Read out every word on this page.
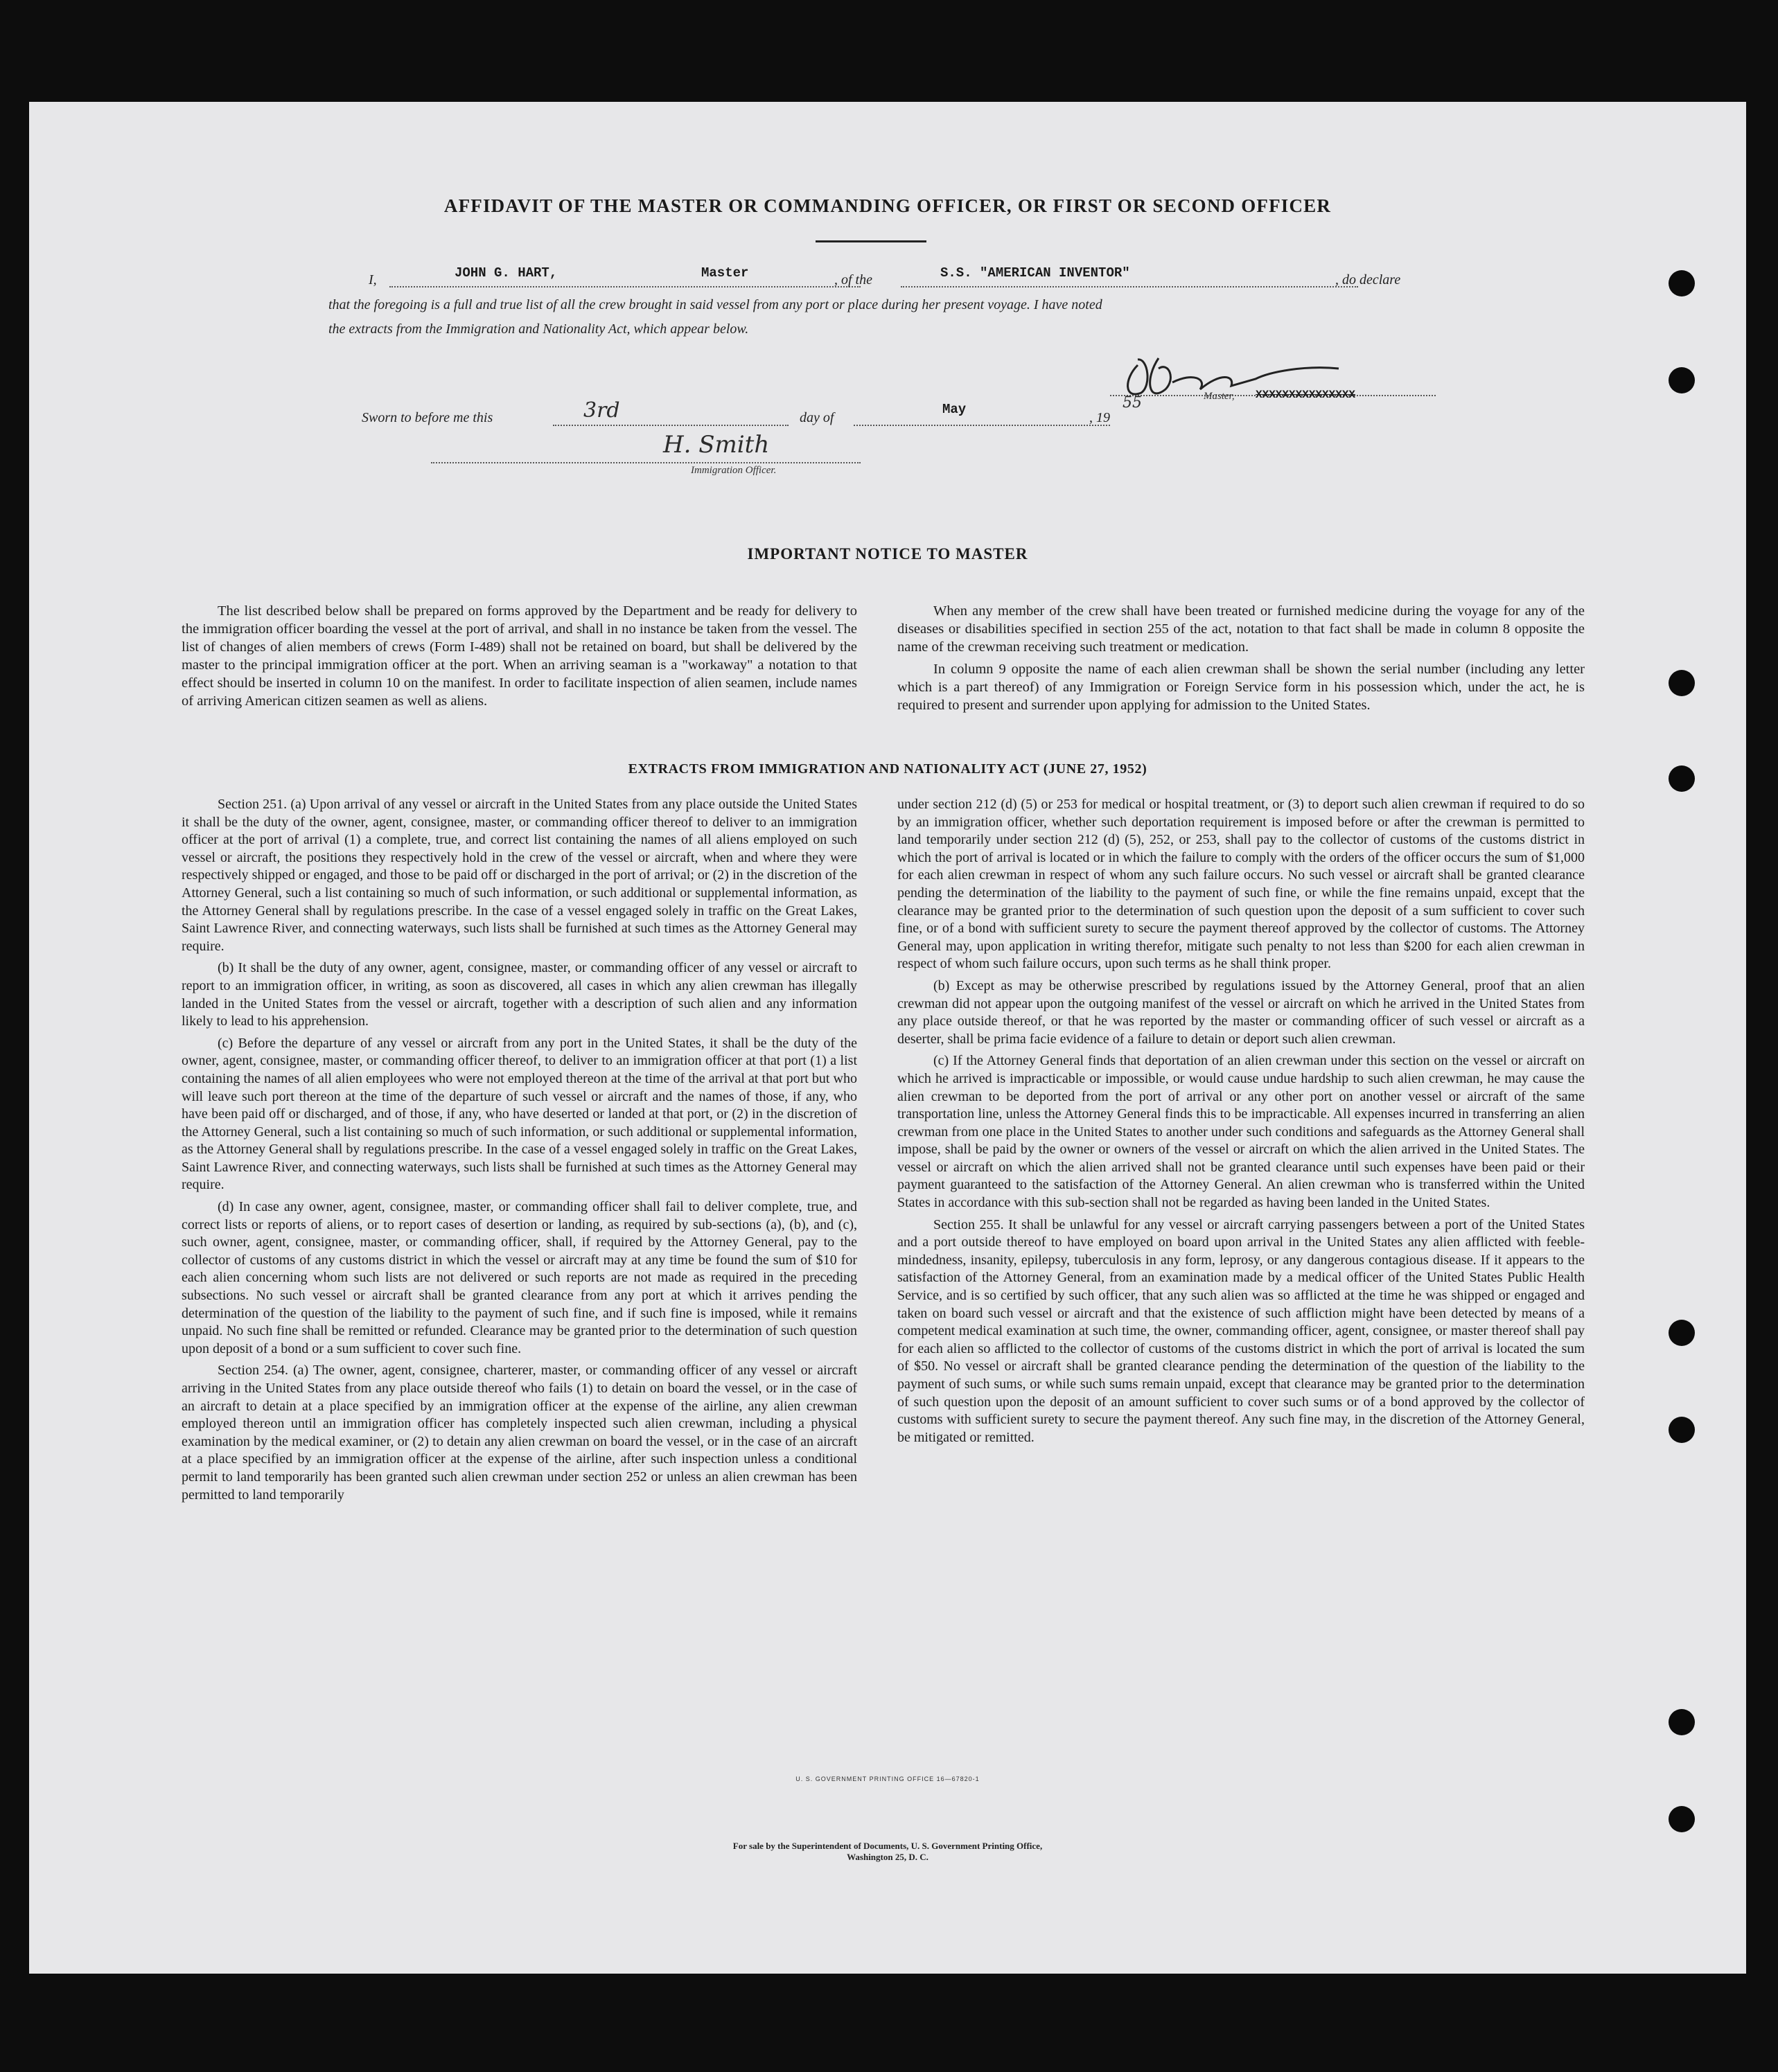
AFFIDAVIT OF THE MASTER OR COMMANDING OFFICER, OR FIRST OR SECOND OFFICER
I,	JOHN G. HART,	Master	, of the	S.S. "AMERICAN INVENTOR"	, do declare
that the foregoing is a full and true list of all the crew brought in said vessel from any port or place during her present voyage. I have noted
the extracts from the Immigration and Nationality Act, which appear below.
Master, XXXXXXXXXXXXXXX
Sworn to before me this	3rd	day of
May
, 19
55
H. Smith
Immigration Officer.
IMPORTANT NOTICE TO MASTER

The list described below shall be prepared on forms approved by the Department and be ready for delivery to the immigration officer boarding the vessel at the port of arrival, and shall in no instance be taken from the vessel. The list of changes of alien members of crews (Form I-489) shall not be retained on board, but shall be delivered by the master to the principal immigration officer at the port. When an arriving seaman is a "workaway" a notation to that effect should be inserted in column 10 on the manifest. In order to facilitate inspection of alien seamen, include names of arriving American citizen seamen as well as aliens.

When any member of the crew shall have been treated or furnished medicine during the voyage for any of the diseases or disabilities specified in section 255 of the act, notation to that fact shall be made in column 8 opposite the name of the crewman receiving such treatment or medication.

In column 9 opposite the name of each alien crewman shall be shown the serial number (including any letter which is a part thereof) of any Immigration or Foreign Service form in his possession which, under the act, he is required to present and surrender upon applying for admission to the United States.

EXTRACTS FROM IMMIGRATION AND NATIONALITY ACT (JUNE 27, 1952)

Section 251. (a) Upon arrival of any vessel or aircraft in the United States from any place outside the United States it shall be the duty of the owner, agent, consignee, master, or commanding officer thereof to deliver to an immigration officer at the port of arrival (1) a complete, true, and correct list containing the names of all aliens employed on such vessel or aircraft, the positions they respectively hold in the crew of the vessel or aircraft, when and where they were respectively shipped or engaged, and those to be paid off or discharged in the port of arrival; or (2) in the discretion of the Attorney General, such a list containing so much of such information, or such additional or supplemental information, as the Attorney General shall by regulations prescribe. In the case of a vessel engaged solely in traffic on the Great Lakes, Saint Lawrence River, and connecting waterways, such lists shall be furnished at such times as the Attorney General may require.

(b) It shall be the duty of any owner, agent, consignee, master, or commanding officer of any vessel or aircraft to report to an immigration officer, in writing, as soon as discovered, all cases in which any alien crewman has illegally landed in the United States from the vessel or aircraft, together with a description of such alien and any information likely to lead to his apprehension.

(c) Before the departure of any vessel or aircraft from any port in the United States, it shall be the duty of the owner, agent, consignee, master, or commanding officer thereof, to deliver to an immigration officer at that port (1) a list containing the names of all alien employees who were not employed thereon at the time of the arrival at that port but who will leave such port thereon at the time of the departure of such vessel or aircraft and the names of those, if any, who have been paid off or discharged, and of those, if any, who have deserted or landed at that port, or (2) in the discretion of the Attorney General, such a list containing so much of such information, or such additional or supplemental information, as the Attorney General shall by regulations prescribe. In the case of a vessel engaged solely in traffic on the Great Lakes, Saint Lawrence River, and connecting waterways, such lists shall be furnished at such times as the Attorney General may require.

(d) In case any owner, agent, consignee, master, or commanding officer shall fail to deliver complete, true, and correct lists or reports of aliens, or to report cases of desertion or landing, as required by sub-sections (a), (b), and (c), such owner, agent, consignee, master, or commanding officer, shall, if required by the Attorney General, pay to the collector of customs of any customs district in which the vessel or aircraft may at any time be found the sum of $10 for each alien concerning whom such lists are not delivered or such reports are not made as required in the preceding subsections. No such vessel or aircraft shall be granted clearance from any port at which it arrives pending the determination of the question of the liability to the payment of such fine, and if such fine is imposed, while it remains unpaid. No such fine shall be remitted or refunded. Clearance may be granted prior to the determination of such question upon deposit of a bond or a sum sufficient to cover such fine.

Section 254. (a) The owner, agent, consignee, charterer, master, or commanding officer of any vessel or aircraft arriving in the United States from any place outside thereof who fails (1) to detain on board the vessel, or in the case of an aircraft to detain at a place specified by an immigration officer at the expense of the airline, any alien crewman employed thereon until an immigration officer has completely inspected such alien crewman, including a physical examination by the medical examiner, or (2) to detain any alien crewman on board the vessel, or in the case of an aircraft at a place specified by an immigration officer at the expense of the airline, after such inspection unless a conditional permit to land temporarily has been granted such alien crewman under section 252 or unless an alien crewman has been permitted to land temporarily

under section 212 (d) (5) or 253 for medical or hospital treatment, or (3) to deport such alien crewman if required to do so by an immigration officer, whether such deportation requirement is imposed before or after the crewman is permitted to land temporarily under section 212 (d) (5), 252, or 253, shall pay to the collector of customs of the customs district in which the port of arrival is located or in which the failure to comply with the orders of the officer occurs the sum of $1,000 for each alien crewman in respect of whom any such failure occurs. No such vessel or aircraft shall be granted clearance pending the determination of the liability to the payment of such fine, or while the fine remains unpaid, except that the clearance may be granted prior to the determination of such question upon the deposit of a sum sufficient to cover such fine, or of a bond with sufficient surety to secure the payment thereof approved by the collector of customs. The Attorney General may, upon application in writing therefor, mitigate such penalty to not less than $200 for each alien crewman in respect of whom such failure occurs, upon such terms as he shall think proper.

(b) Except as may be otherwise prescribed by regulations issued by the Attorney General, proof that an alien crewman did not appear upon the outgoing manifest of the vessel or aircraft on which he arrived in the United States from any place outside thereof, or that he was reported by the master or commanding officer of such vessel or aircraft as a deserter, shall be prima facie evidence of a failure to detain or deport such alien crewman.

(c) If the Attorney General finds that deportation of an alien crewman under this section on the vessel or aircraft on which he arrived is impracticable or impossible, or would cause undue hardship to such alien crewman, he may cause the alien crewman to be deported from the port of arrival or any other port on another vessel or aircraft of the same transportation line, unless the Attorney General finds this to be impracticable. All expenses incurred in transferring an alien crewman from one place in the United States to another under such conditions and safeguards as the Attorney General shall impose, shall be paid by the owner or owners of the vessel or aircraft on which the alien arrived in the United States. The vessel or aircraft on which the alien arrived shall not be granted clearance until such expenses have been paid or their payment guaranteed to the satisfaction of the Attorney General. An alien crewman who is transferred within the United States in accordance with this sub-section shall not be regarded as having been landed in the United States.

Section 255. It shall be unlawful for any vessel or aircraft carrying passengers between a port of the United States and a port outside thereof to have employed on board upon arrival in the United States any alien afflicted with feeble-mindedness, insanity, epilepsy, tuberculosis in any form, leprosy, or any dangerous contagious disease. If it appears to the satisfaction of the Attorney General, from an examination made by a medical officer of the United States Public Health Service, and is so certified by such officer, that any such alien was so afflicted at the time he was shipped or engaged and taken on board such vessel or aircraft and that the existence of such affliction might have been detected by means of a competent medical examination at such time, the owner, commanding officer, agent, consignee, or master thereof shall pay for each alien so afflicted to the collector of customs of the customs district in which the port of arrival is located the sum of $50. No vessel or aircraft shall be granted clearance pending the determination of the question of the liability to the payment of such sums, or while such sums remain unpaid, except that clearance may be granted prior to the determination of such question upon the deposit of an amount sufficient to cover such sums or of a bond approved by the collector of customs with sufficient surety to secure the payment thereof. Any such fine may, in the discretion of the Attorney General, be mitigated or remitted.

U. S. GOVERNMENT PRINTING OFFICE 16—67820-1
For sale by the Superintendent of Documents, U. S. Government Printing Office,
Washington 25, D. C.
